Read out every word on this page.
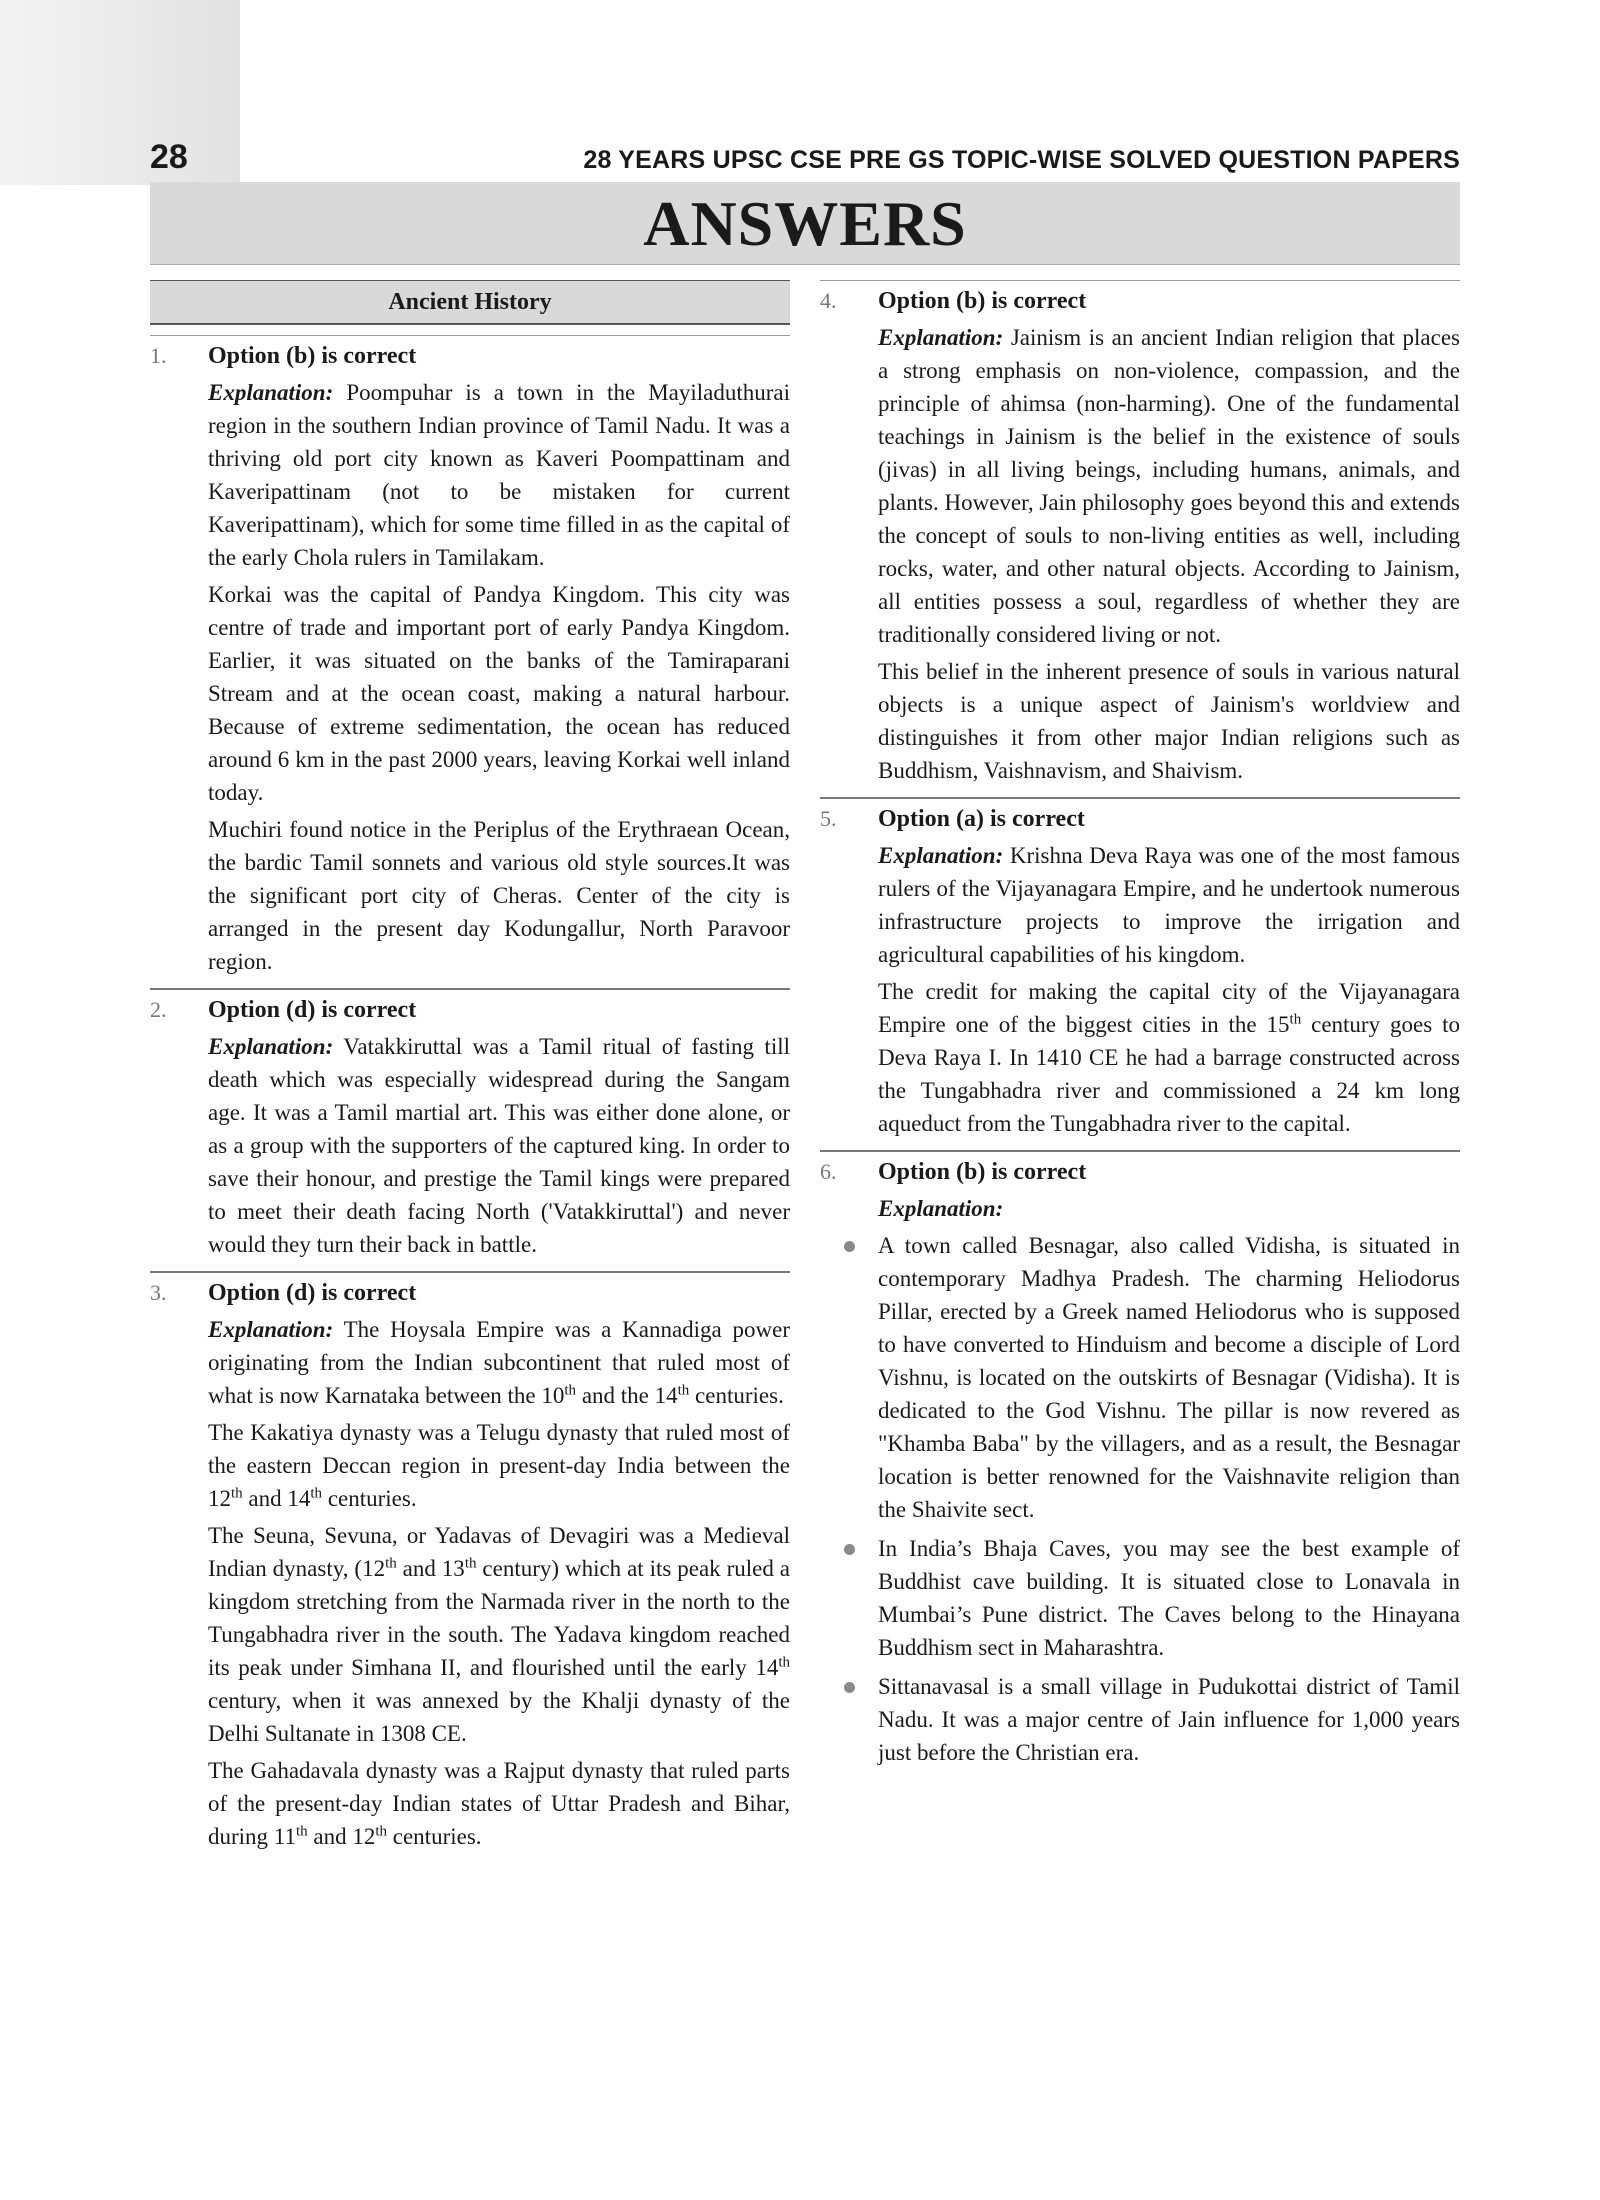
28	28 YEARS UPSC CSE PRE GS TOPIC-WISE SOLVED QUESTION PAPERS
ANSWERS
Ancient History
1.	Option (b) is correct

Explanation: Poompuhar is a town in the Mayiladuthurai region in the southern Indian province of Tamil Nadu. It was a thriving old port city known as Kaveri Poompattinam and Kaveripattinam (not to be mistaken for current Kaveripattinam), which for some time filled in as the capital of the early Chola rulers in Tamilakam.

Korkai was the capital of Pandya Kingdom. This city was centre of trade and important port of early Pandya Kingdom. Earlier, it was situated on the banks of the Tamiraparani Stream and at the ocean coast, making a natural harbour. Because of extreme sedimentation, the ocean has reduced around 6 km in the past 2000 years, leaving Korkai well inland today.

Muchiri found notice in the Periplus of the Erythraean Ocean, the bardic Tamil sonnets and various old style sources.It was the significant port city of Cheras. Center of the city is arranged in the present day Kodungallur, North Paravoor region.

2.	Option (d) is correct

Explanation: Vatakkiruttal was a Tamil ritual of fasting till death which was especially widespread during the Sangam age. It was a Tamil martial art. This was either done alone, or as a group with the supporters of the captured king. In order to save their honour, and prestige the Tamil kings were prepared to meet their death facing North ('Vatakkiruttal') and never would they turn their back in battle.

3.	Option (d) is correct

Explanation: The Hoysala Empire was a Kannadiga power originating from the Indian subcontinent that ruled most of what is now Karnataka between the 10th and the 14th centuries.

The Kakatiya dynasty was a Telugu dynasty that ruled most of the eastern Deccan region in present-day India between the 12th and 14th centuries.

The Seuna, Sevuna, or Yadavas of Devagiri was a Medieval Indian dynasty, (12th and 13th century) which at its peak ruled a kingdom stretching from the Narmada river in the north to the Tungabhadra river in the south. The Yadava kingdom reached its peak under Simhana II, and flourished until the early 14th century, when it was annexed by the Khalji dynasty of the Delhi Sultanate in 1308 CE.

The Gahadavala dynasty was a Rajput dynasty that ruled parts of the present-day Indian states of Uttar Pradesh and Bihar, during 11th and 12th centuries.

4.	Option (b) is correct

Explanation: Jainism is an ancient Indian religion that places a strong emphasis on non-violence, compassion, and the principle of ahimsa (non-harming). One of the fundamental teachings in Jainism is the belief in the existence of souls (jivas) in all living beings, including humans, animals, and plants. However, Jain philosophy goes beyond this and extends the concept of souls to non-living entities as well, including rocks, water, and other natural objects. According to Jainism, all entities possess a soul, regardless of whether they are traditionally considered living or not.

This belief in the inherent presence of souls in various natural objects is a unique aspect of Jainism's worldview and distinguishes it from other major Indian religions such as Buddhism, Vaishnavism, and Shaivism.

5.	Option (a) is correct

Explanation: Krishna Deva Raya was one of the most famous rulers of the Vijayanagara Empire, and he undertook numerous infrastructure projects to improve the irrigation and agricultural capabilities of his kingdom.

The credit for making the capital city of the Vijayanagara Empire one of the biggest cities in the 15th century goes to Deva Raya I. In 1410 CE he had a barrage constructed across the Tungabhadra river and commissioned a 24 km long aqueduct from the Tungabhadra river to the capital.

6.	Option (b) is correct

Explanation:

A town called Besnagar, also called Vidisha, is situated in contemporary Madhya Pradesh. The charming Heliodorus Pillar, erected by a Greek named Heliodorus who is supposed to have converted to Hinduism and become a disciple of Lord Vishnu, is located on the outskirts of Besnagar (Vidisha). It is dedicated to the God Vishnu. The pillar is now revered as "Khamba Baba" by the villagers, and as a result, the Besnagar location is better renowned for the Vaishnavite religion than the Shaivite sect.

In India’s Bhaja Caves, you may see the best example of Buddhist cave building. It is situated close to Lonavala in Mumbai’s Pune district. The Caves belong to the Hinayana Buddhism sect in Maharashtra.

Sittanavasal is a small village in Pudukottai district of Tamil Nadu. It was a major centre of Jain influence for 1,000 years just before the Christian era.
